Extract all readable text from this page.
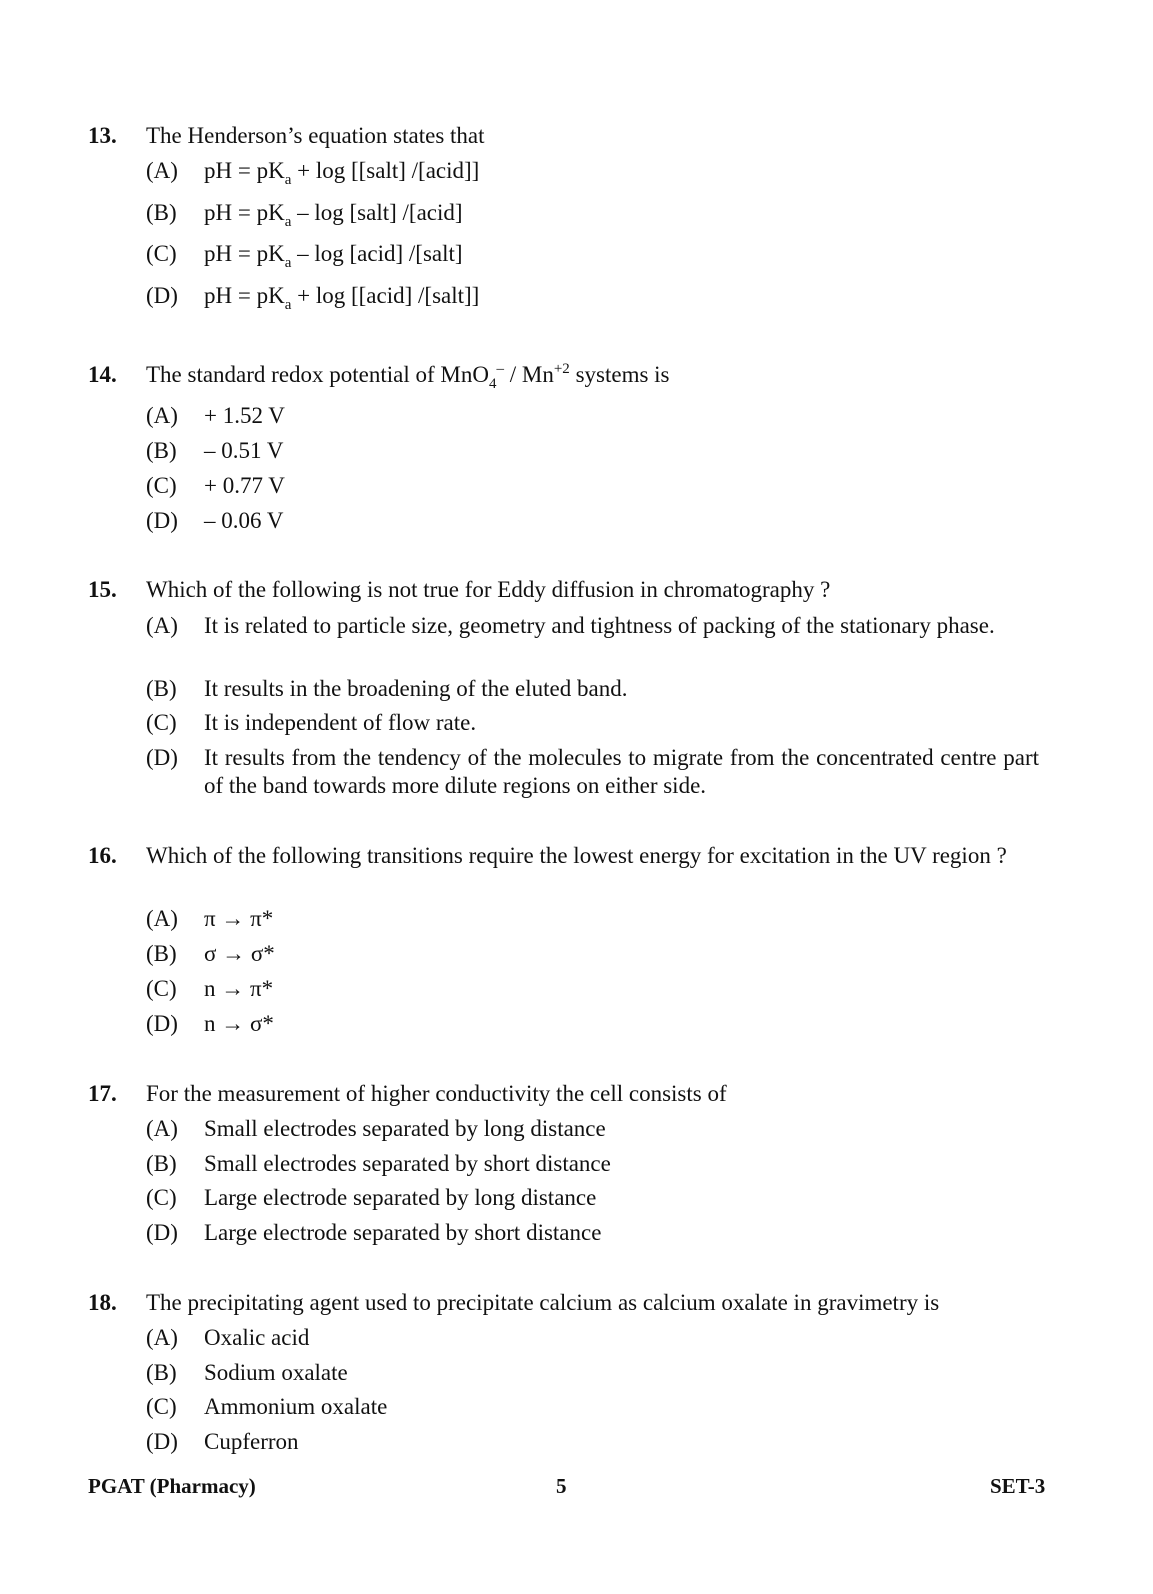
13. The Henderson’s equation states that
(A) pH = $pK_a + \log$ [[salt] /[acid]]
(B) pH = $pK_a$ – log [salt] /[acid]
(C) pH = $pK_a$ – log [acid] /[salt]
(D) pH = $pK_a + \log$ [[acid] /[salt]]
14. The standard redox potential of $MnO_4^- / Mn^{+2}$ systems is
(A) + 1.52 V
(B) – 0.51 V
(C) + 0.77 V
(D) – 0.06 V
15. Which of the following is not true for Eddy diffusion in chromatography ?
(A) It is related to particle size, geometry and tightness of packing of the stationary phase.
(B) It results in the broadening of the eluted band.
(C) It is independent of flow rate.
(D) It results from the tendency of the molecules to migrate from the concentrated centre part of the band towards more dilute regions on either side.
16. Which of the following transitions require the lowest energy for excitation in the UV region ?
(A) π → π*
(B) σ → σ*
(C) n → π*
(D) n → σ*
17. For the measurement of higher conductivity the cell consists of
(A) Small electrodes separated by long distance
(B) Small electrodes separated by short distance
(C) Large electrode separated by long distance
(D) Large electrode separated by short distance
18. The precipitating agent used to precipitate calcium as calcium oxalate in gravimetry is
(A) Oxalic acid
(B) Sodium oxalate
(C) Ammonium oxalate
(D) Cupferron
PGAT (Pharmacy)	5	SET-3
